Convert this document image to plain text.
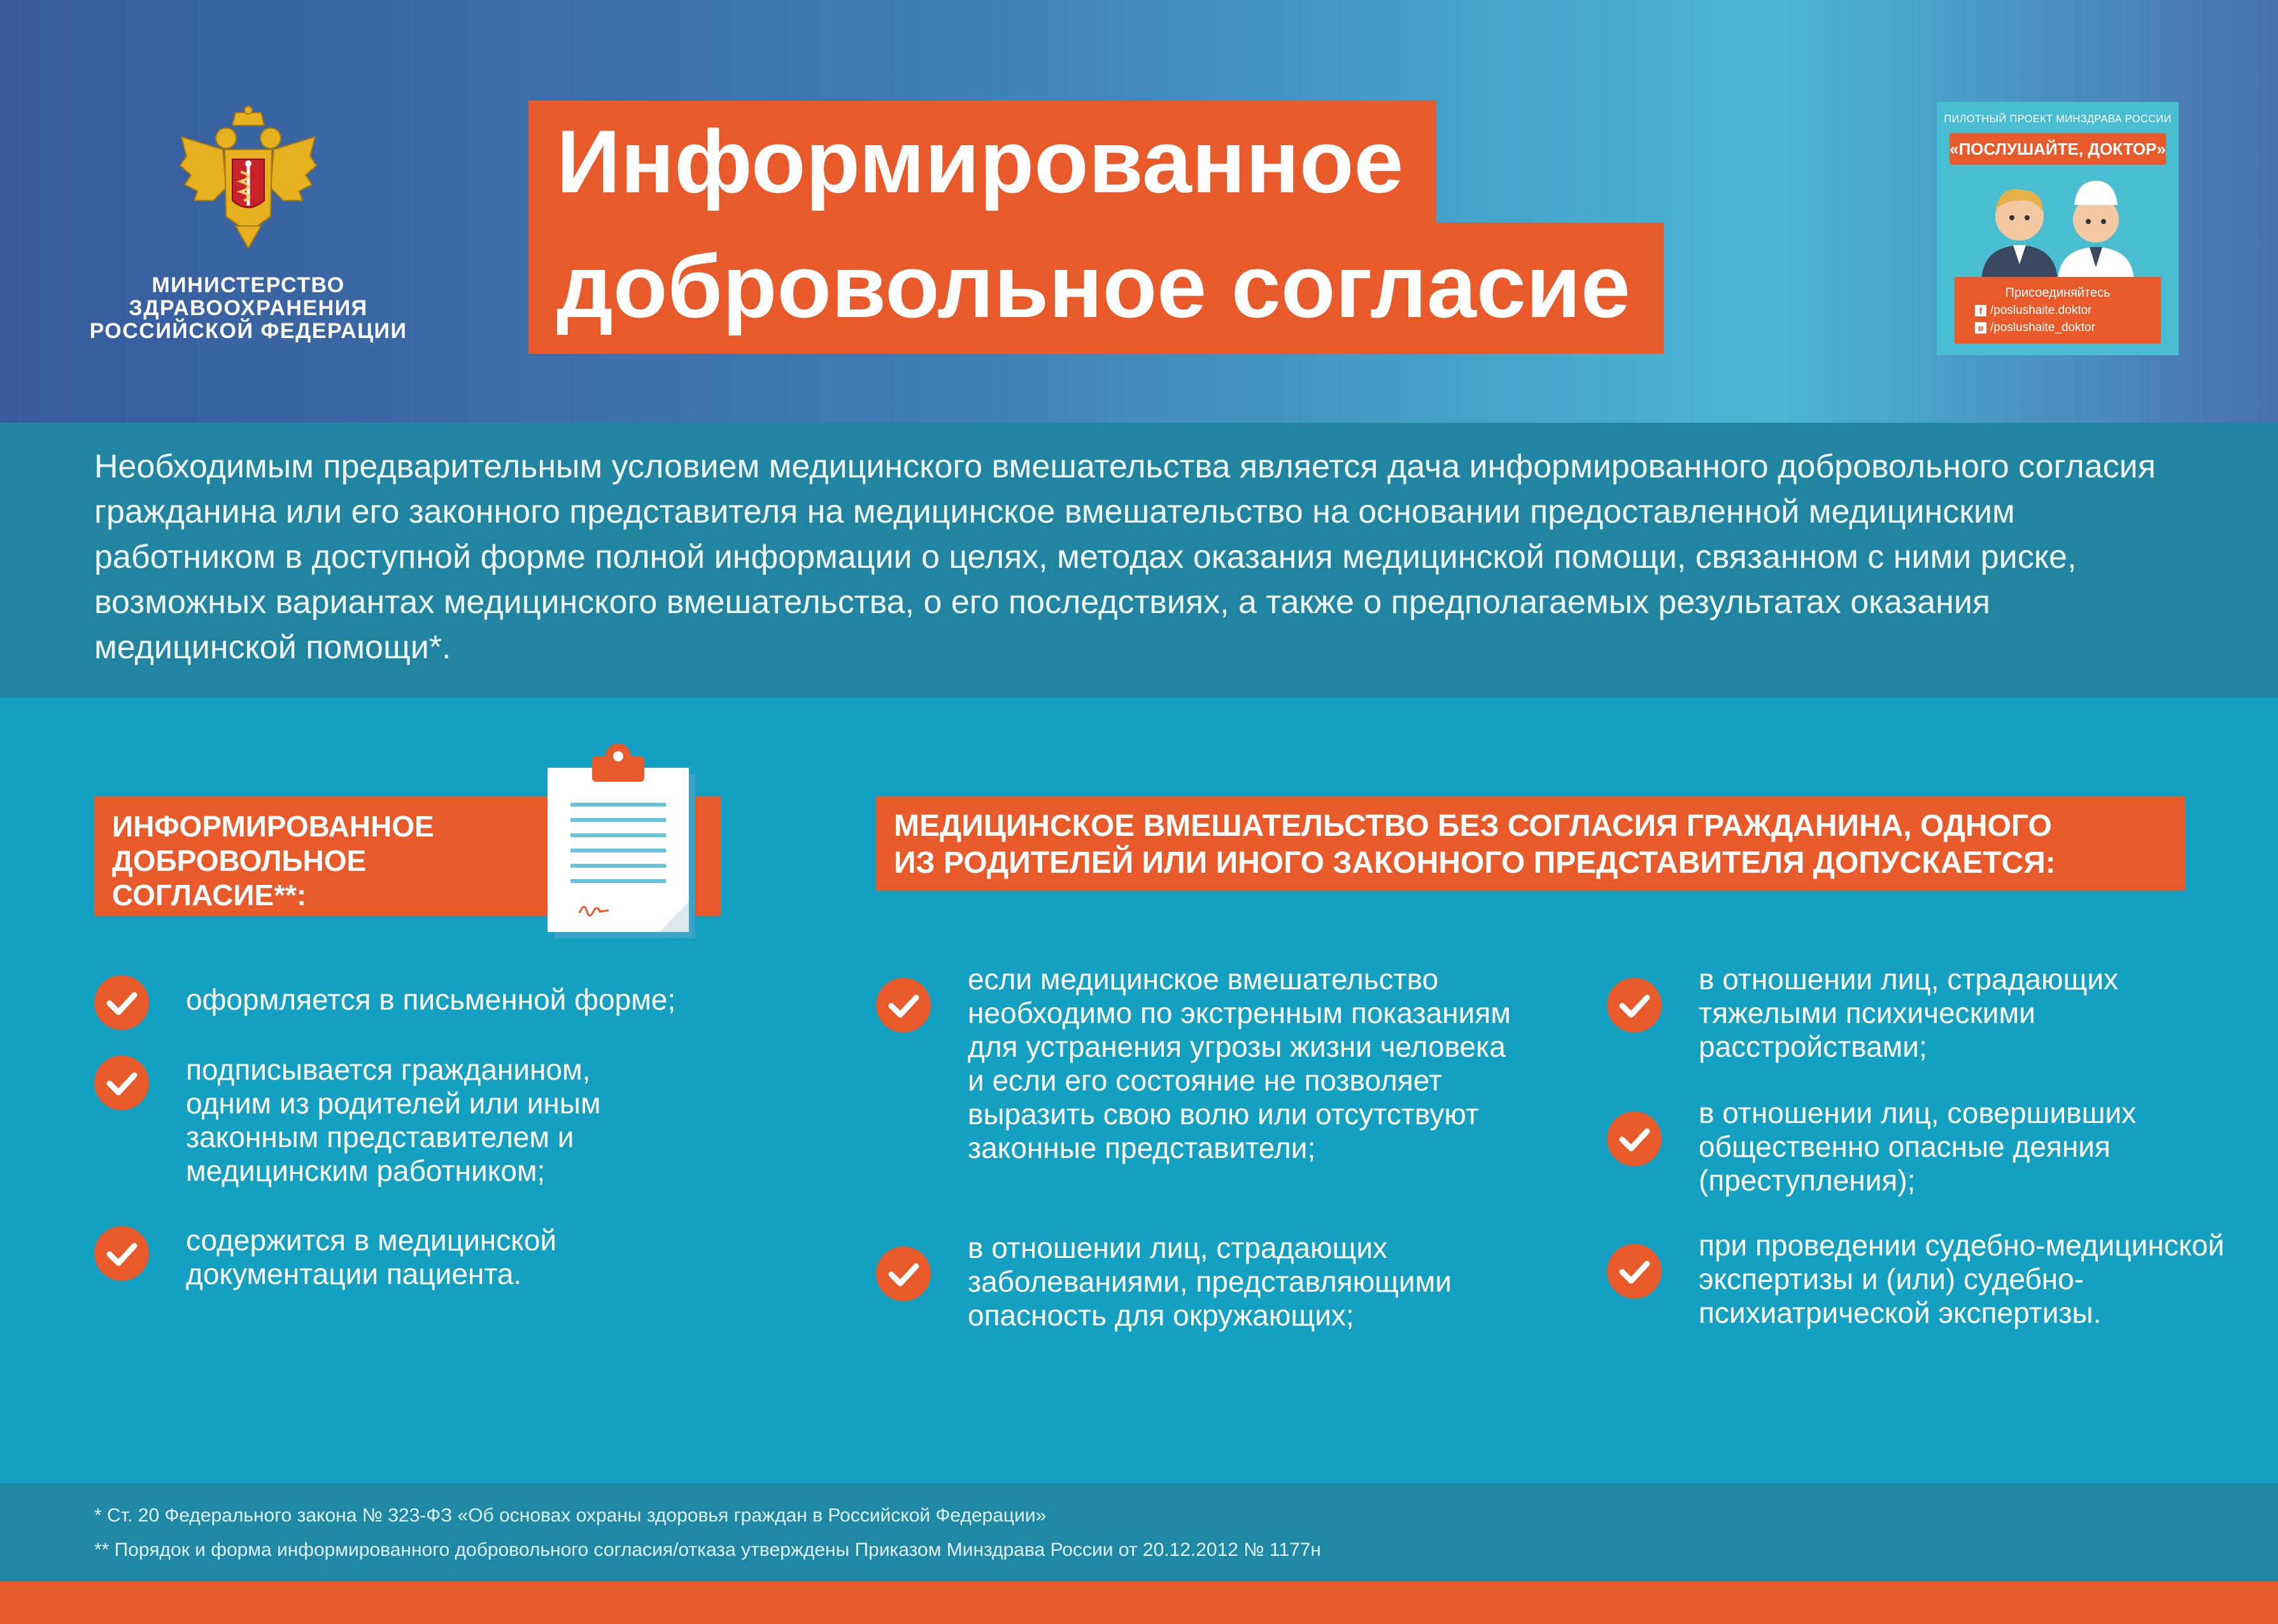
МИНИСТЕРСТВО
ЗДРАВООХРАНЕНИЯ
РОССИЙСКОЙ ФЕДЕРАЦИИ
Информированное
добровольное согласие
ПИЛОТНЫЙ ПРОЕКТ МИНЗДРАВА РОССИИ
«ПОСЛУШАЙТЕ, ДОКТОР»
Присоединяйтесь
f /poslushaite.doktor
в /poslushaite_doktor

Необходимым предварительным условием медицинского вмешательства является дача информированного добровольного согласия гражданина или его законного представителя на медицинское вмешательство на основании предоставленной медицинским работником в доступной форме полной информации о целях, методах оказания медицинской помощи, связанном с ними риске, возможных вариантах медицинского вмешательства, о его последствиях, а также о предполагаемых результатах оказания медицинской помощи*.

ИНФОРМИРОВАННОЕ
ДОБРОВОЛЬНОЕ
СОГЛАСИЕ**:
МЕДИЦИНСКОЕ ВМЕШАТЕЛЬСТВО БЕЗ СОГЛАСИЯ ГРАЖДАНИНА, ОДНОГО
ИЗ РОДИТЕЛЕЙ ИЛИ ИНОГО ЗАКОННОГО ПРЕДСТАВИТЕЛЯ ДОПУСКАЕТСЯ:
оформляется в письменной форме;
подписывается гражданином, одним из родителей или иным законным представителем и медицинским работником;
содержится в медицинской документации пациента.
если медицинское вмешательство необходимо по экстренным показаниям для устранения угрозы жизни человека и если его состояние не позволяет выразить свою волю или отсутствуют законные представители;
в отношении лиц, страдающих заболеваниями, представляющими опасность для окружающих;
в отношении лиц, страдающих тяжелыми психическими расстройствами;
в отношении лиц, совершивших общественно опасные деяния (преступления);
при проведении судебно-медицинской экспертизы и (или) судебно-психиатрической экспертизы.

* Ст. 20 Федерального закона № 323-ФЗ «Об основах охраны здоровья граждан в Российской Федерации»

** Порядок и форма информированного добровольного согласия/отказа утверждены Приказом Минздрава России от 20.12.2012 № 1177н
